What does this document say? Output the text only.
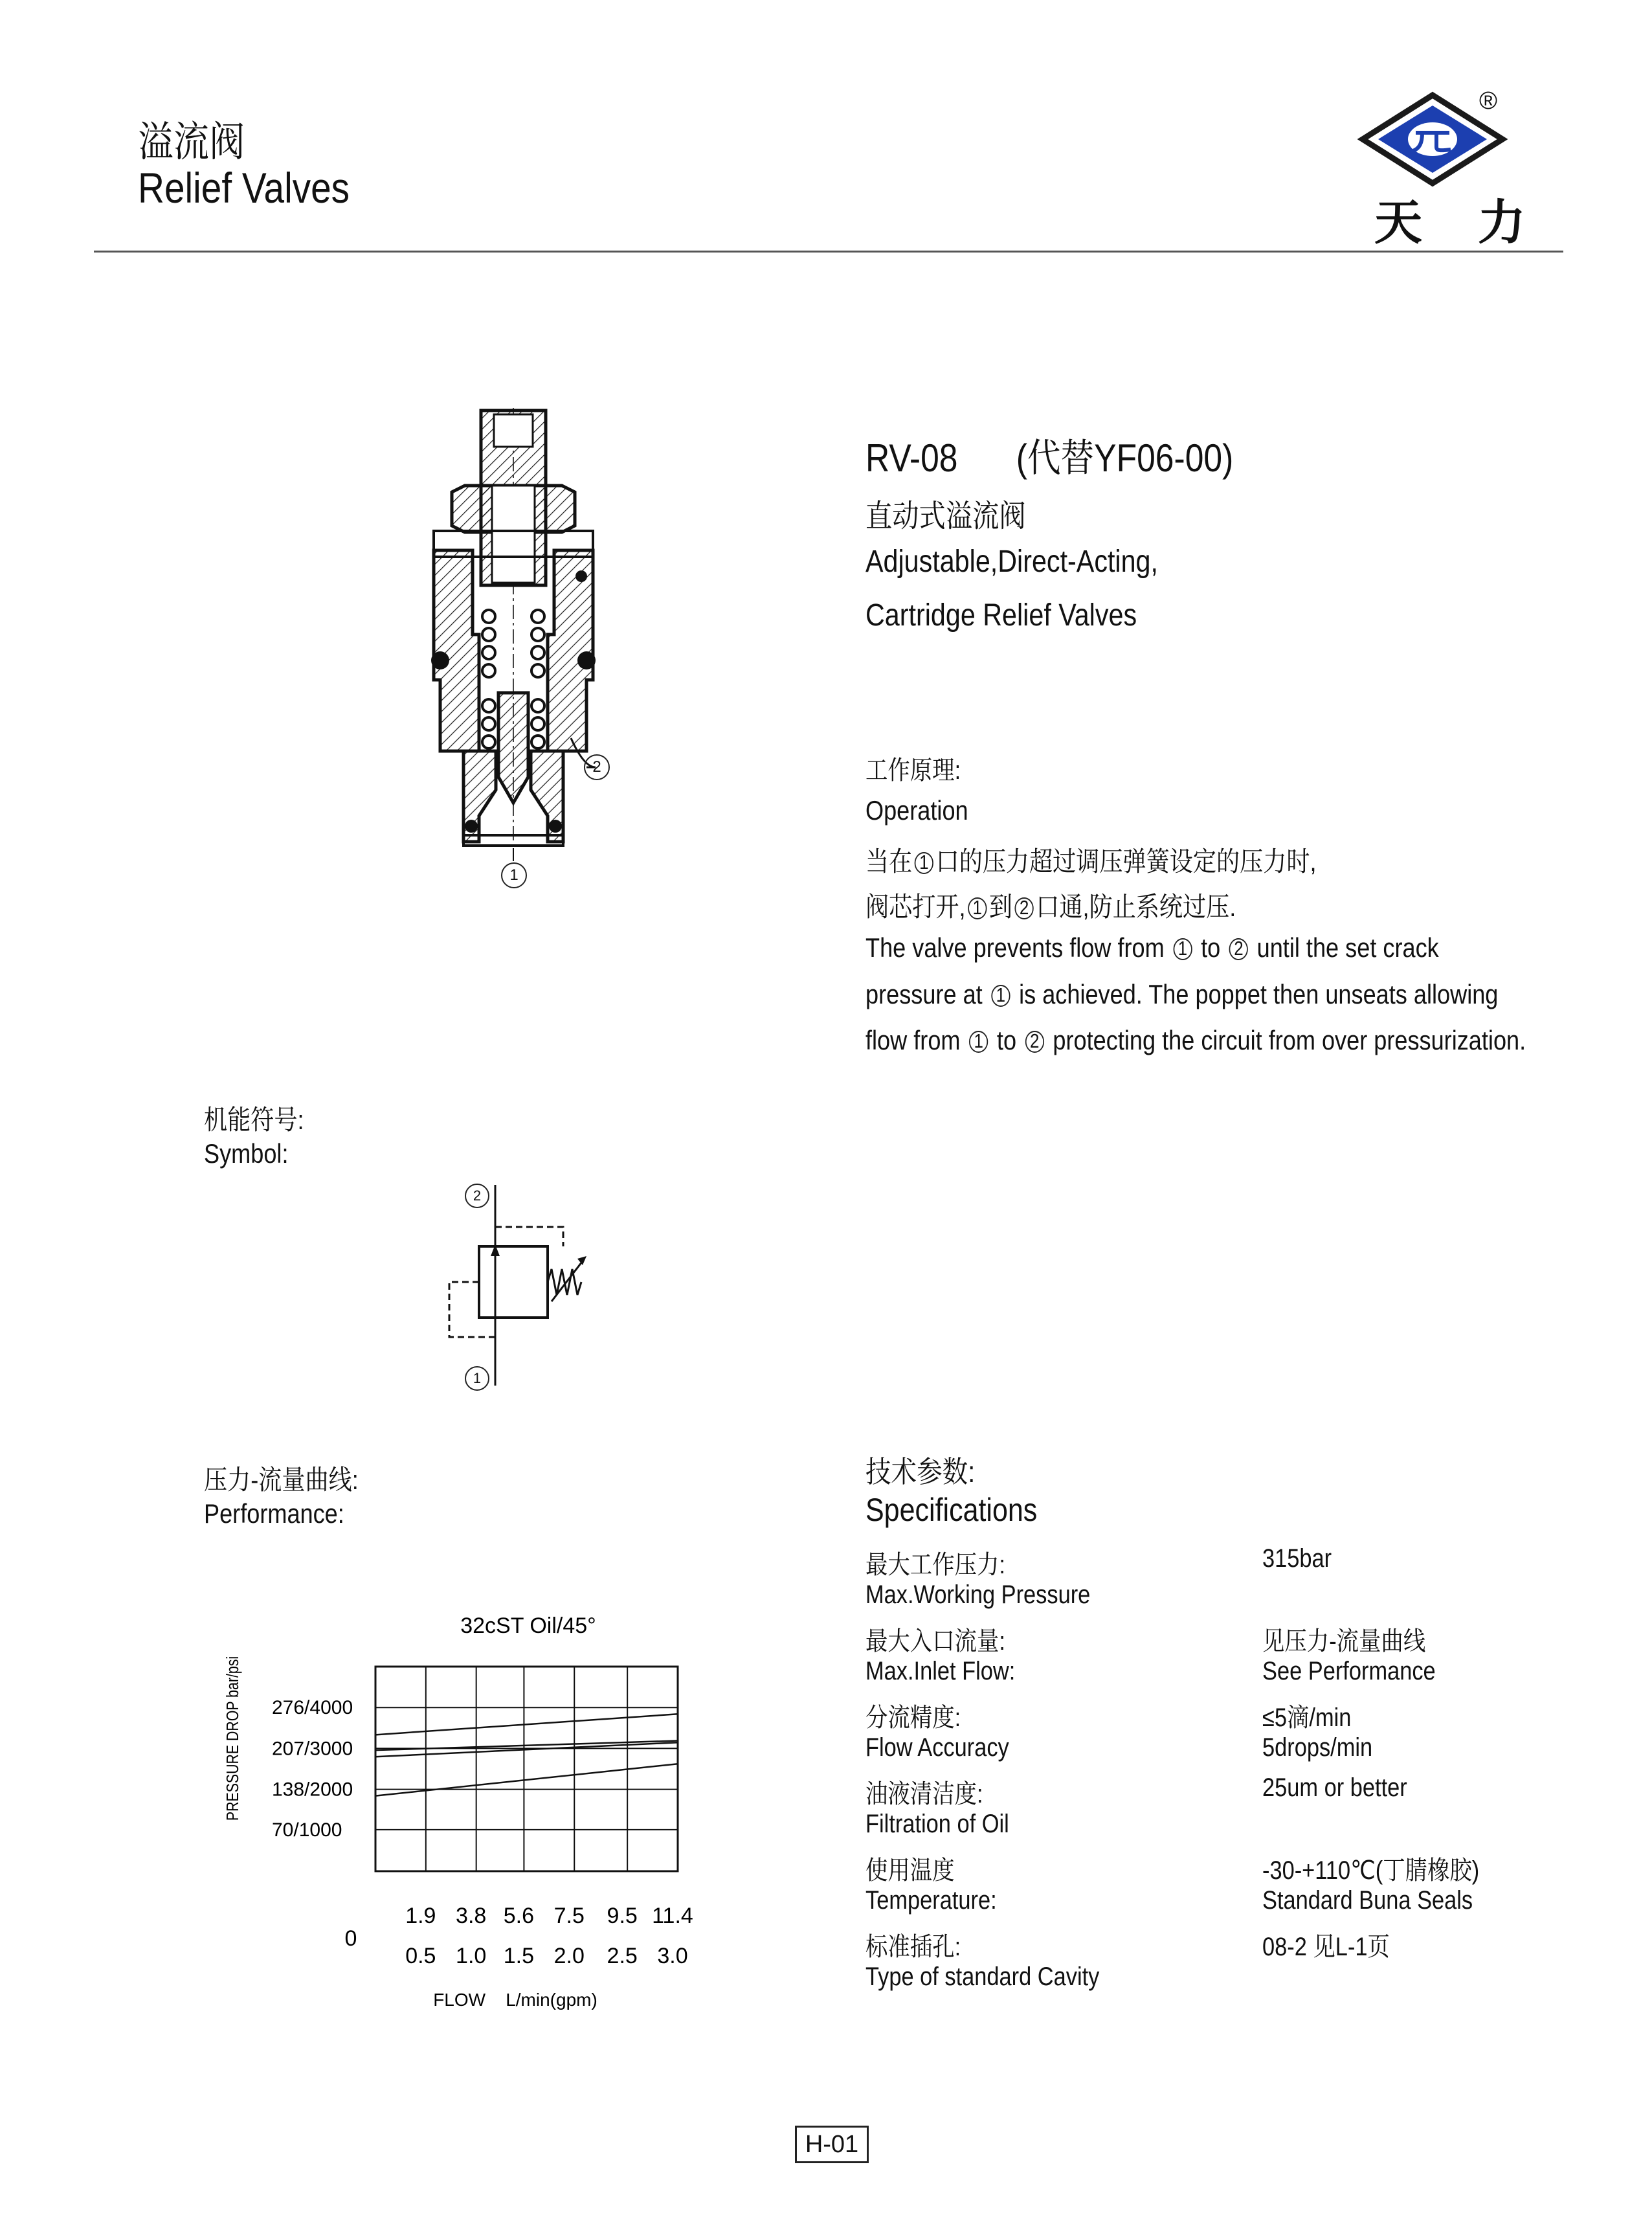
溢流阀
Relief Valves
®
天 力
2
1
RV-08 (代替YF06-00)
直动式溢流阀
Adjustable,Direct-Acting,
Cartridge Relief Valves
工作原理:
Operation
当在 1 口的压力超过调压弹簧设定的压力时,
阀芯打开, 1 到 2 口通,防止系统过压.
The valve prevents flow from 1 to 2 until the set crack
pressure at 1 is achieved. The poppet then unseats allowing
flow from 1 to 2 protecting the circuit from over pressurization.
机能符号:
Symbol:
2
1
压力-流量曲线:
Performance:
32cST Oil/45°
PRESSURE DROP bar/psi
0
FLOW    L/min(gpm)
1.9
0.5
3.8
1.0
5.6
1.5
7.5
2.0
9.5
2.5
11.4
3.0
276/4000
207/3000
138/2000
70/1000
技术参数:
Specifications
最大工作压力:
Max.Working Pressure
315bar
最大入口流量:
Max.Inlet Flow:
见压力-流量曲线
See Performance
分流精度:
Flow Accuracy
≤5滴/min
5drops/min
油液清洁度:
Filtration of Oil
25um or better
使用温度
Temperature:
-30-+110℃(丁腈橡胶)
Standard Buna Seals
标准插孔:
Type of standard Cavity
08-2 见L-1页
H-01
